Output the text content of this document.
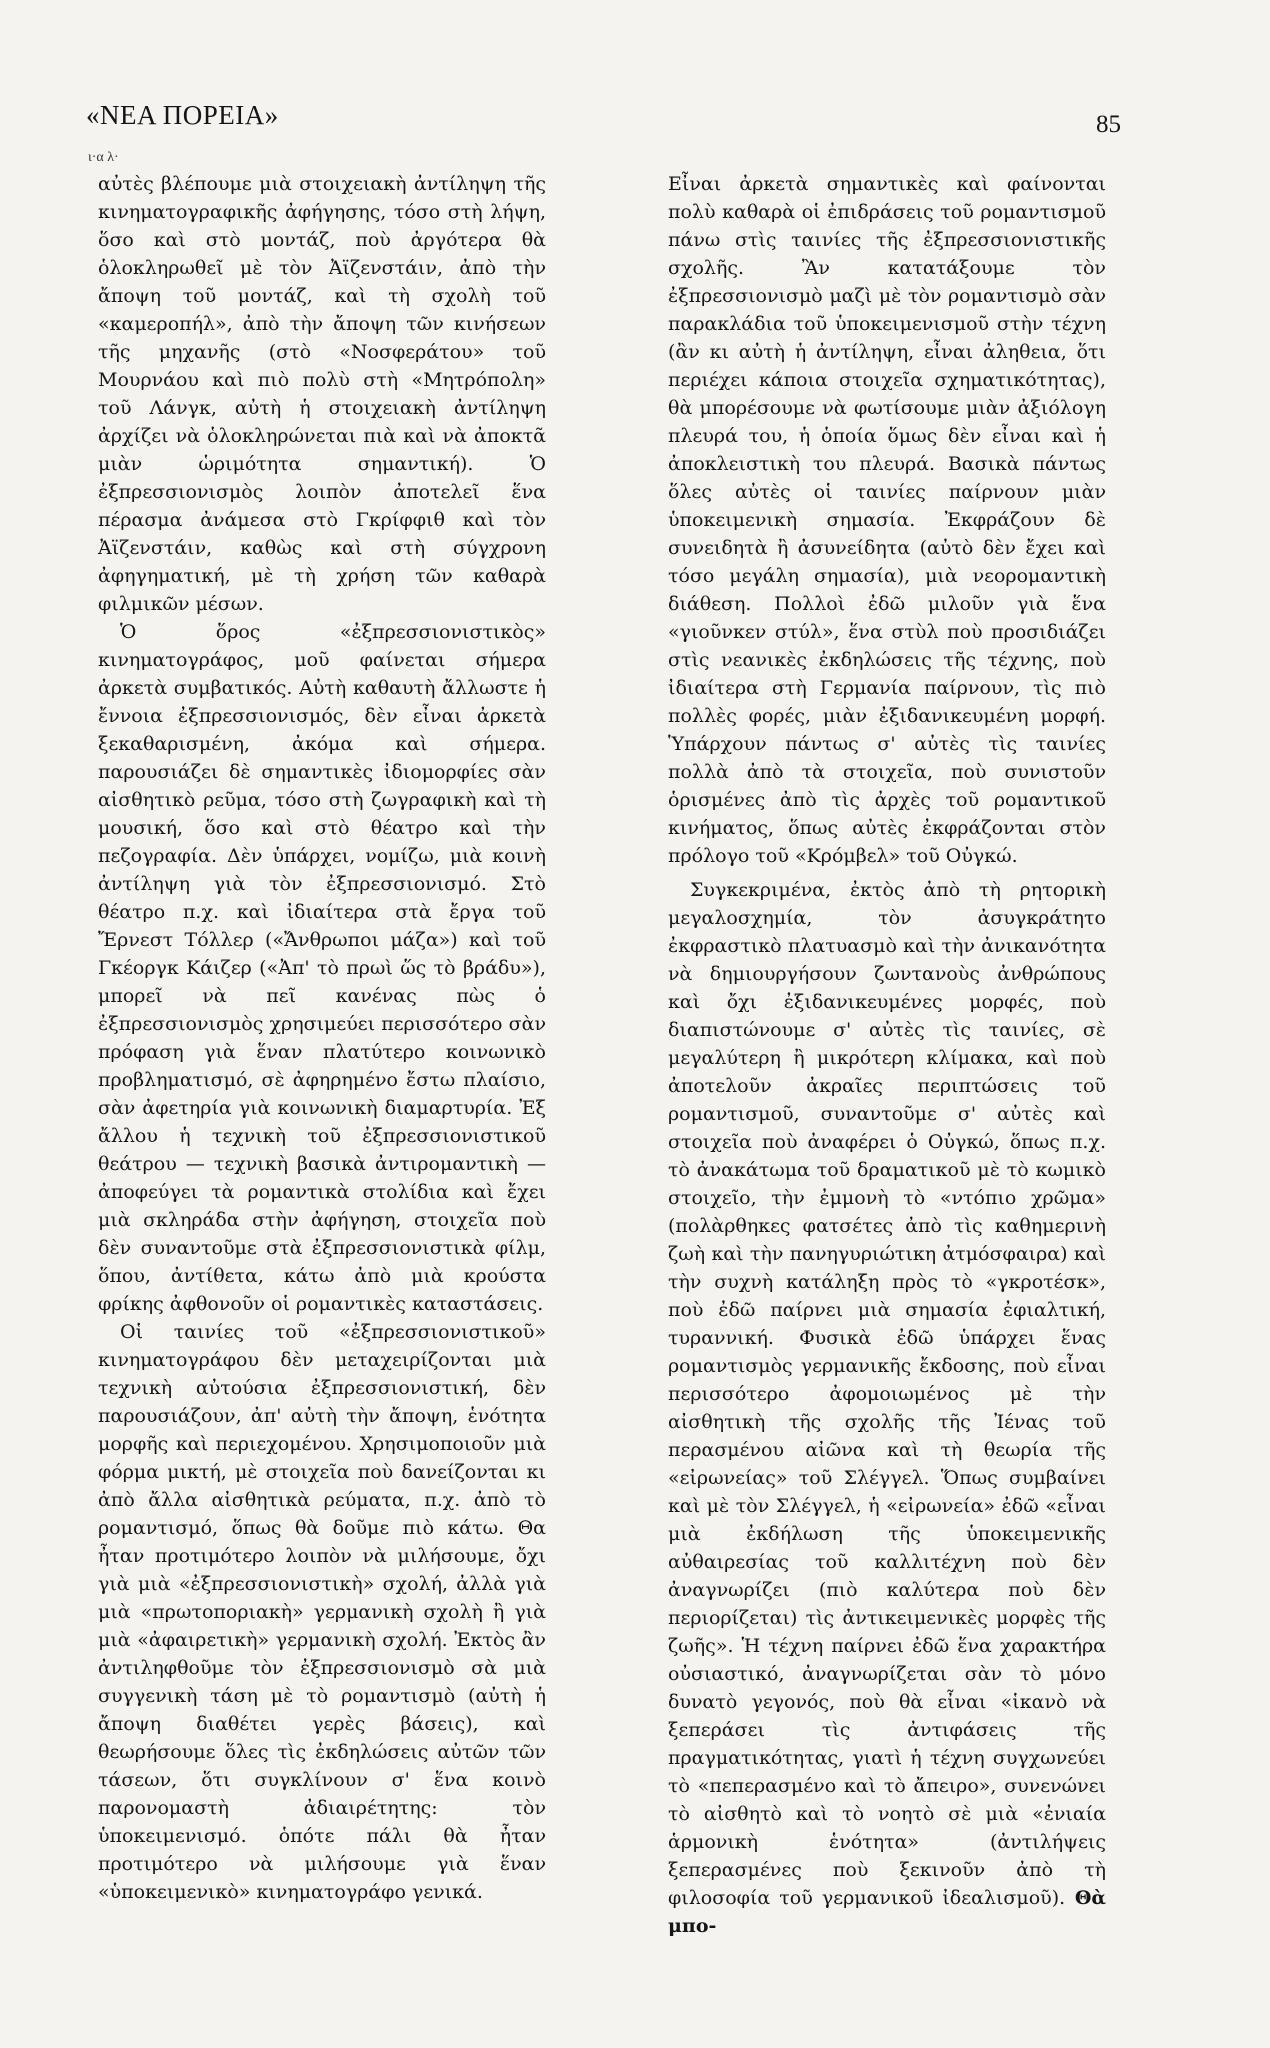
«ΝΕΑ ΠΟΡΕΙΑ»	85
ι·α λ·

αὐτὲς βλέπουμε μιὰ στοιχειακὴ ἀντίληψη τῆς κινηματογραφικῆς ἀφήγησης, τόσο στὴ λήψη, ὅσο καὶ στὸ μοντάζ, ποὺ ἀργότερα θὰ ὁλοκληρωθεῖ μὲ τὸν Ἀϊζενστάιν, ἀπὸ τὴν ἄποψη τοῦ μοντάζ, καὶ τὴ σχολὴ τοῦ «καμεροπήλ», ἀπὸ τὴν ἄποψη τῶν κινήσεων τῆς μηχανῆς (στὸ «Νοσφεράτου» τοῦ Μουρνάου καὶ πιὸ πολὺ στὴ «Μητρόπολη» τοῦ Λάνγκ, αὐτὴ ἡ στοιχειακὴ ἀντίληψη ἀρχίζει νὰ ὁλοκληρώνεται πιὰ καὶ νὰ ἀποκτᾶ μιὰν ὡριμότητα σημαντική). Ὁ ἐξπρεσσιονισμὸς λοιπὸν ἀποτελεῖ ἕνα πέρασμα ἀνάμεσα στὸ Γκρίφφιθ καὶ τὸν Ἀϊζενστάιν, καθὼς καὶ στὴ σύγχρονη ἀφηγηματική, μὲ τὴ χρήση τῶν καθαρὰ φιλμικῶν μέσων.

Ὁ ὅρος «ἐξπρεσσιονιστικὸς» κινηματογράφος, μοῦ φαίνεται σήμερα ἀρκετὰ συμβατικός. Αὐτὴ καθαυτὴ ἄλλωστε ἡ ἔννοια ἐξπρεσσιονισμός, δὲν εἶναι ἀρκετὰ ξεκαθαρισμένη, ἀκόμα καὶ σήμερα. παρουσιάζει δὲ σημαντικὲς ἰδιομορφίες σὰν αἰσθητικὸ ρεῦμα, τόσο στὴ ζωγραφικὴ καὶ τὴ μουσική, ὅσο καὶ στὸ θέατρο καὶ τὴν πεζογραφία. Δὲν ὑπάρχει, νομίζω, μιὰ κοινὴ ἀντίληψη γιὰ τὸν ἐξπρεσσιονισμό. Στὸ θέατρο π.χ. καὶ ἰδιαίτερα στὰ ἔργα τοῦ Ἔρνεστ Τόλλερ («Ἄνθρωποι μάζα») καὶ τοῦ Γκέοργκ Κάιζερ («Ἀπ' τὸ πρωὶ ὥς τὸ βράδυ»), μπορεῖ νὰ πεῖ κανένας πὼς ὁ ἐξπρεσσιονισμὸς χρησιμεύει περισσότερο σὰν πρόφαση γιὰ ἕναν πλατύτερο κοινωνικὸ προβληματισμό, σὲ ἀφηρημένο ἔστω πλαίσιο, σὰν ἀφετηρία γιὰ κοινωνικὴ διαμαρτυρία. Ἐξ ἄλλου ἡ τεχνικὴ τοῦ ἐξπρεσσιονιστικοῦ θεάτρου — τεχνικὴ βασικὰ ἀντιρομαντικὴ — ἀποφεύγει τὰ ρομαντικὰ στολίδια καὶ ἔχει μιὰ σκληράδα στὴν ἀφήγηση, στοιχεῖα ποὺ δὲν συναντοῦμε στὰ ἐξπρεσσιονιστικὰ φίλμ, ὅπου, ἀντίθετα, κάτω ἀπὸ μιὰ κρούστα φρίκης ἀφθονοῦν οἱ ρομαντικὲς καταστάσεις.

Οἱ ταινίες τοῦ «ἐξπρεσσιονιστικοῦ» κινηματογράφου δὲν μεταχειρίζονται μιὰ τεχνικὴ αὐτούσια ἐξπρεσσιονιστική, δὲν παρουσιάζουν, ἀπ' αὐτὴ τὴν ἄποψη, ἑνότητα μορφῆς καὶ περιεχομένου. Χρησιμοποιοῦν μιὰ φόρμα μικτή, μὲ στοιχεῖα ποὺ δανείζονται κι ἀπὸ ἄλλα αἰσθητικὰ ρεύματα, π.χ. ἀπὸ τὸ ρομαντισμό, ὅπως θὰ δοῦμε πιὸ κάτω. Θα ἦταν προτιμότερο λοιπὸν νὰ μιλήσουμε, ὄχι γιὰ μιὰ «ἐξπρεσσιονιστικὴ» σχολή, ἀλλὰ γιὰ μιὰ «πρωτοποριακὴ» γερμανικὴ σχολὴ ἢ γιὰ μιὰ «ἀφαιρετικὴ» γερμανικὴ σχολή. Ἐκτὸς ἂν ἀντιληφθοῦμε τὸν ἐξπρεσσιονισμὸ σὰ μιὰ συγγενικὴ τάση μὲ τὸ ρομαντισμὸ (αὐτὴ ἡ ἄποψη διαθέτει γερὲς βάσεις), καὶ θεωρήσουμε ὅλες τὶς ἐκδηλώσεις αὐτῶν τῶν τάσεων, ὅτι συγκλίνουν σ' ἕνα κοινὸ παρονομαστὴ ἀδιαιρέτητης: τὸν ὑποκειμενισμό. ὁπότε πάλι θὰ ἦταν προτιμότερο νὰ μιλήσουμε γιὰ ἕναν «ὑποκειμενικὸ» κινηματογράφο γενικά.

Εἶναι ἀρκετὰ σημαντικὲς καὶ φαίνονται πολὺ καθαρὰ οἱ ἐπιδράσεις τοῦ ρομαντισμοῦ πάνω στὶς ταινίες τῆς ἐξπρεσσιονιστικῆς σχολῆς. Ἂν κατατάξουμε τὸν ἐξπρεσσιονισμὸ μαζὶ μὲ τὸν ρομαντισμὸ σὰν παρακλάδια τοῦ ὑποκειμενισμοῦ στὴν τέχνη (ἂν κι αὐτὴ ἡ ἀντίληψη, εἶναι ἀληθεια, ὅτι περιέχει κάποια στοιχεῖα σχηματικότητας), θὰ μπορέσουμε νὰ φωτίσουμε μιὰν ἀξιόλογη πλευρά του, ἡ ὁποία ὅμως δὲν εἶναι καὶ ἡ ἀποκλειστικὴ του πλευρά. Βασικὰ πάντως ὅλες αὐτὲς οἱ ταινίες παίρνουν μιὰν ὑποκειμενικὴ σημασία. Ἐκφράζουν δὲ συνειδητὰ ἢ ἀσυνείδητα (αὐτὸ δὲν ἔχει καὶ τόσο μεγάλη σημασία), μιὰ νεορομαντικὴ διάθεση. Πολλοὶ ἐδῶ μιλοῦν γιὰ ἕνα «γιοῦνκεν στύλ», ἕνα στὺλ ποὺ προσιδιάζει στὶς νεανικὲς ἐκδηλώσεις τῆς τέχνης, ποὺ ἰδιαίτερα στὴ Γερμανία παίρνουν, τὶς πιὸ πολλὲς φορές, μιὰν ἐξιδανικευμένη μορφή. Ὑπάρχουν πάντως σ' αὐτὲς τὶς ταινίες πολλὰ ἀπὸ τὰ στοιχεῖα, ποὺ συνιστοῦν ὁρισμένες ἀπὸ τὶς ἀρχὲς τοῦ ρομαντικοῦ κινήματος, ὅπως αὐτὲς ἐκφράζονται στὸν πρόλογο τοῦ «Κρόμβελ» τοῦ Οὐγκώ.

Συγκεκριμένα, ἐκτὸς ἀπὸ τὴ ρητορικὴ μεγαλοσχημία, τὸν ἀσυγκράτητο ἐκφραστικὸ πλατυασμὸ καὶ τὴν ἀνικανότητα νὰ δημιουργήσουν ζωντανοὺς ἀνθρώπους καὶ ὄχι ἐξιδανικευμένες μορφές, ποὺ διαπιστώνουμε σ' αὐτὲς τὶς ταινίες, σὲ μεγαλύτερη ἢ μικρότερη κλίμακα, καὶ ποὺ ἀποτελοῦν ἀκραῖες περιπτώσεις τοῦ ρομαντισμοῦ, συναντοῦμε σ' αὐτὲς καὶ στοιχεῖα ποὺ ἀναφέρει ὁ Οὐγκώ, ὅπως π.χ. τὸ ἀνακάτωμα τοῦ δραματικοῦ μὲ τὸ κωμικὸ στοιχεῖο, τὴν ἐμμονὴ τὸ «ντόπιο χρῶμα» (πολὰρθηκες φατσέτες ἀπὸ τὶς καθημερινὴ ζωὴ καὶ τὴν πανηγυριώτικη ἀτμόσφαιρα) καὶ τὴν συχνὴ κατάληξη πρὸς τὸ «γκροτέσκ», ποὺ ἐδῶ παίρνει μιὰ σημασία ἐφιαλτική, τυραννική. Φυσικὰ ἐδῶ ὑπάρχει ἕνας ρομαντισμὸς γερμανικῆς ἔκδοσης, ποὺ εἶναι περισσότερο ἀφομοιωμένος μὲ τὴν αἰσθητικὴ τῆς σχολῆς τῆς Ἰένας τοῦ περασμένου αἰῶνα καὶ τὴ θεωρία τῆς «εἰρωνείας» τοῦ Σλέγγελ. Ὅπως συμβαίνει καὶ μὲ τὸν Σλέγγελ, ἡ «εἰρωνεία» ἐδῶ «εἶναι μιὰ ἐκδήλωση τῆς ὑποκειμενικῆς αὐθαιρεσίας τοῦ καλλιτέχνη ποὺ δὲν ἀναγνωρίζει (πιὸ καλύτερα ποὺ δὲν περιορίζεται) τὶς ἀντικειμενικὲς μορφὲς τῆς ζωῆς». Ἡ τέχνη παίρνει ἐδῶ ἕνα χαρακτήρα οὐσιαστικό, ἀναγνωρίζεται σὰν τὸ μόνο δυνατὸ γεγονός, ποὺ θὰ εἶναι «ἱκανὸ νὰ ξεπεράσει τὶς ἀντιφάσεις τῆς πραγματικότητας, γιατὶ ἡ τέχνη συγχωνεύει τὸ «πεπερασμένο καὶ τὸ ἄπειρο», συνενώνει τὸ αἰσθητὸ καὶ τὸ νοητὸ σὲ μιὰ «ἐνιαία ἁρμονικὴ ἑνότητα» (ἀντιλήψεις ξεπερασμένες ποὺ ξεκινοῦν ἀπὸ τὴ φιλοσοφία τοῦ γερμανικοῦ ἰδεαλισμοῦ). Θὰ μπο-
